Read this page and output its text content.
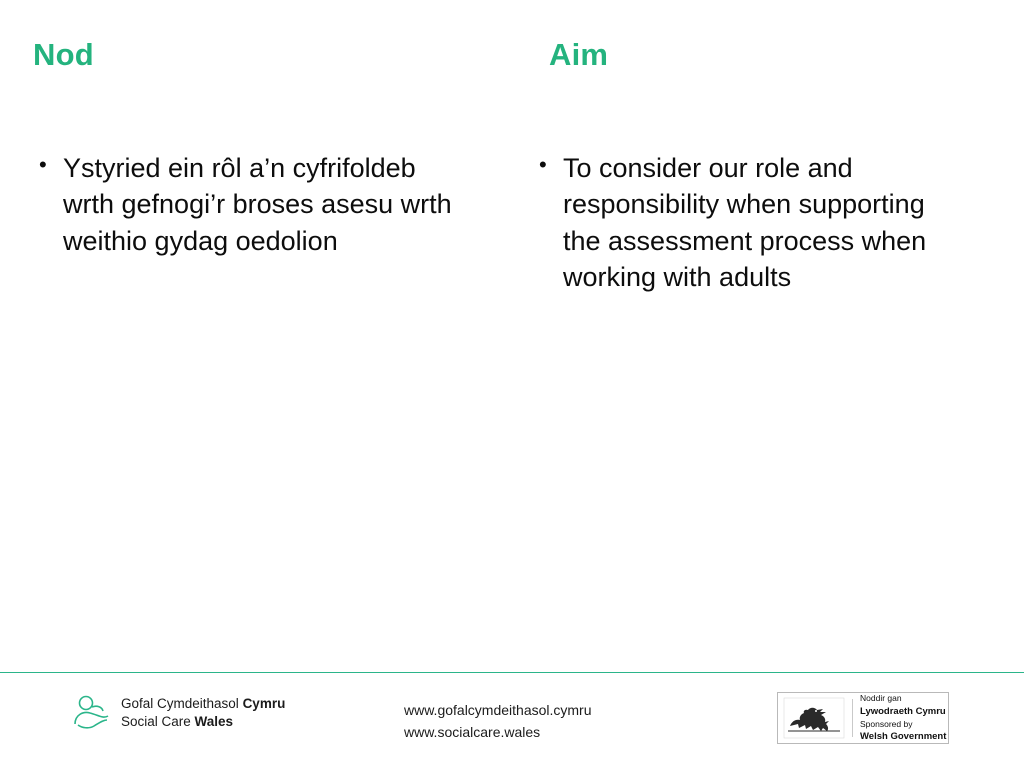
Nod
• Ystyried ein rôl a’n cyfrifoldeb wrth gefnogi’r broses asesu wrth weithio gydag oedolion
Aim
• To consider our role and responsibility when supporting the assessment process when working with adults
Gofal Cymdeithasol Cymru
Social Care Wales
www.gofalcymdeithasol.cymru
www.socialcare.wales
Noddir gan
Lywodraeth Cymru
Sponsored by
Welsh Government
